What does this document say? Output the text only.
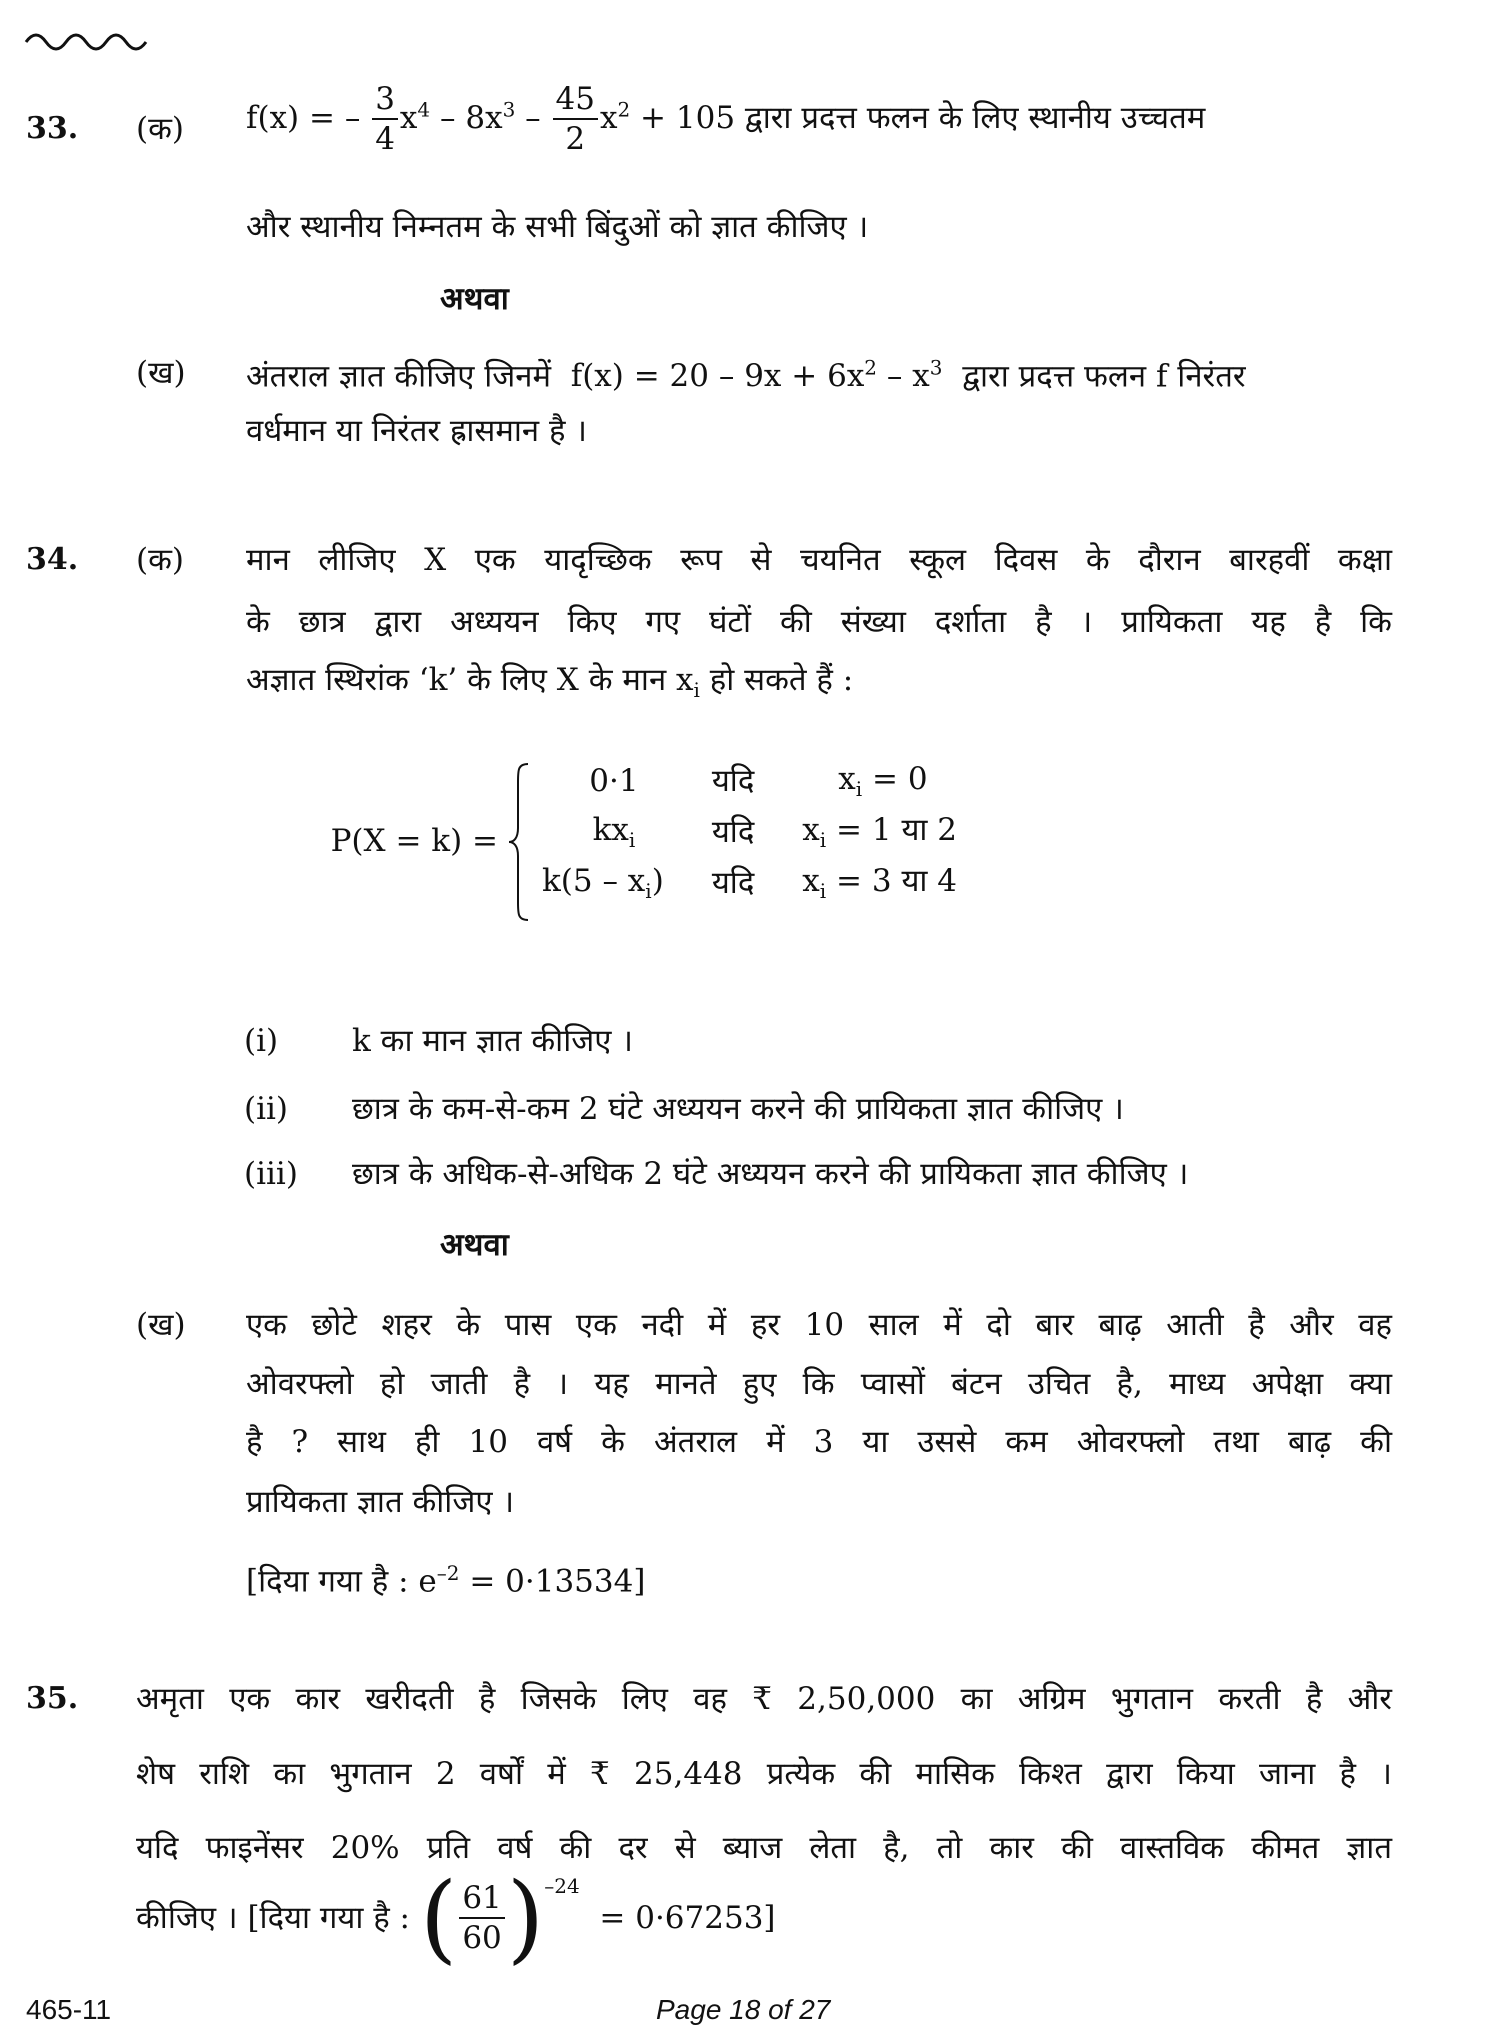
33. (क) f(x) = – $\frac{3}{4} x^4 - 8x^3 - \frac{45}{2} x^2 + 105$ द्वारा प्रदत्त फलन के लिए स्थानीय उच्चतम
और स्थानीय निम्नतम के सभी बिंदुओं को ज्ञात कीजिए ।
अथवा
(ख) अंतराल ज्ञात कीजिए जिनमें $f(x) = 20 - 9x + 6x^2 - x^3$ द्वारा प्रदत्त फलन f निरंतर
वर्धमान या निरंतर ह्रासमान है ।
34. (क) मान लीजिए X एक यादृच्छिक रूप से चयनित स्कूल दिवस के दौरान बारहवीं कक्षा
के छात्र द्वारा अध्ययन किए गए घंटों की संख्या दर्शाता है । प्रायिकता यह है कि
अज्ञात स्थिरांक ‘k’ के लिए X के मान $x_i$ हो सकते हैं :
P(X = k) =
0·1	यदि	$x_i = 0$
$kx_i$	यदि	$x_i = 1$ या 2
$k(5 - x_i)$	यदि	$x_i = 3$ या 4
(i) k का मान ज्ञात कीजिए ।
(ii) छात्र के कम-से-कम 2 घंटे अध्ययन करने की प्रायिकता ज्ञात कीजिए ।
(iii) छात्र के अधिक-से-अधिक 2 घंटे अध्ययन करने की प्रायिकता ज्ञात कीजिए ।
अथवा
(ख) एक छोटे शहर के पास एक नदी में हर 10 साल में दो बार बाढ़ आती है और वह
ओवरफ्लो हो जाती है । यह मानते हुए कि प्वासों बंटन उचित है, माध्य अपेक्षा क्या
है ? साथ ही 10 वर्ष के अंतराल में 3 या उससे कम ओवरफ्लो तथा बाढ़ की
प्रायिकता ज्ञात कीजिए ।
[दिया गया है : $e^{-2} = 0\cdot 13534$]
35. अमृता एक कार खरीदती है जिसके लिए वह ₹ 2,50,000 का अग्रिम भुगतान करती है और
शेष राशि का भुगतान 2 वर्षों में ₹ 25,448 प्रत्येक की मासिक किश्त द्वारा किया जाना है ।
यदि फाइनेंसर 20% प्रति वर्ष की दर से ब्याज लेता है, तो कार की वास्तविक कीमत ज्ञात
कीजिए । [दिया गया है :
( $\frac{61}{60} )^{-24}$

= 0·67253]
465-11	Page 18 of 27
